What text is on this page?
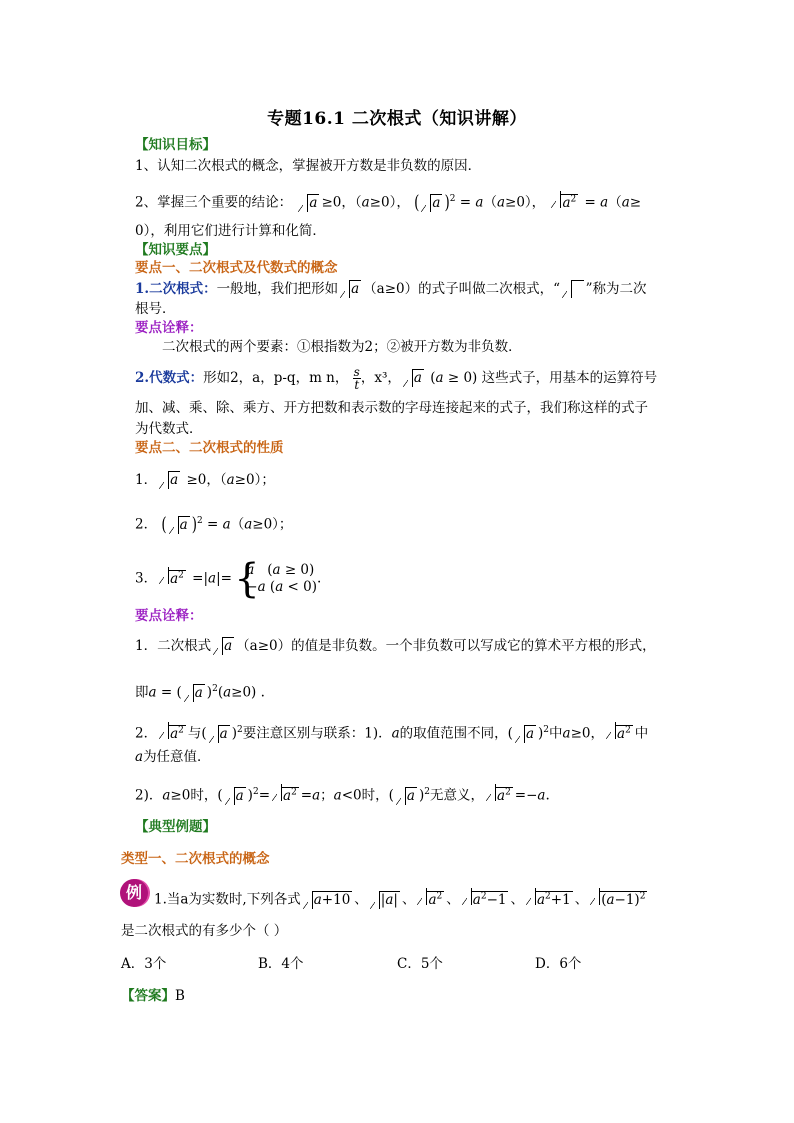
专题16.1 二次根式（知识讲解）
【知识目标】
1、认知二次根式的概念，掌握被开方数是非负数的原因．
2、掌握三个重要的结论： a ≥0，（a≥0）， ( a )$^2$ = a（a≥0）， $a^2 = a(a\ge$
0），利用它们进行计算和化简．
【知识要点】
要点一、二次根式及代数式的概念
1.二次根式：一般地，我们把形如 a （a≥0）的式子叫做二次根式，“ ”称为二次
根号．
要点诠释：
二次根式的两个要素：①根指数为2；②被开方数为非负数．
2.代数式：形如2，a，p-q，m n， $\frac{s}{t}$，x³， a (a ≥ 0) 这些式子，用基本的运算符号
加、减、乘、除、乘方、开方把数和表示数的字母连接起来的式子，我们称这样的式子
为代数式．
要点二、二次根式的性质
1． a ≥0，（a≥0）；
2． ( a )$^2$ = a（a≥0）；
3． $a^2 =|a|=$ { a   (a ≥ 0)
−a (a < 0).
要点诠释：
1．二次根式 a （a≥0）的值是非负数。一个非负数可以写成它的算术平方根的形式，
即a = ( a )$^2$(a≥0) .
2． $a^2$ 与( a )$^2$要注意区别与联系：1)．a的取值范围不同，( a )$^2$中a≥0， $a^2$ 中
a为任意值．
2)．a≥0时，( a )$^2= a^2 =a$；a<0时，( a )$^2$无意义， $a^2 =-a$.
【典型例题】
类型一、二次根式的概念
例 1.当a为实数时,下列各式 a+10 、 |a| 、 $a^2$ 、 $a^2-1$ 、 $a^2+1$ 、 $(a-1)^2$
是二次根式的有多少个（ ）
A．3个	B．4个	C．5个	D．6个
【答案】B
